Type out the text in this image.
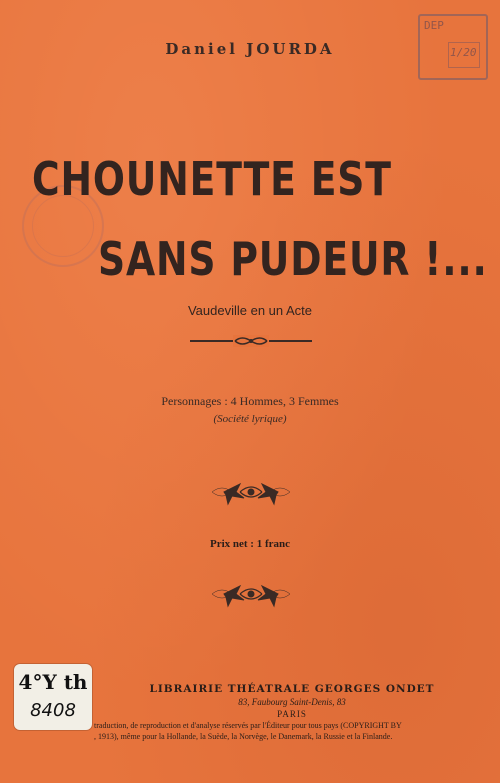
Daniel JOURDA
DEP
1/20
CHOUNETTE EST
SANS PUDEUR !...
Vaudeville en un Acte
Personnages : 4 Hommes, 3 Femmes
(Société lyrique)
Prix net : 1 franc
4°Y th
8408
LIBRAIRIE THÉATRALE GEORGES ONDET
83, Faubourg Saint-Denis, 83
PARIS
traduction, de reproduction et d'analyse réservés par l'Éditeur pour tous pays (COPYRIGHT BY
, 1913), même pour la Hollande, la Suède, la Norvège, le Danemark, la Russie et la Finlande.
